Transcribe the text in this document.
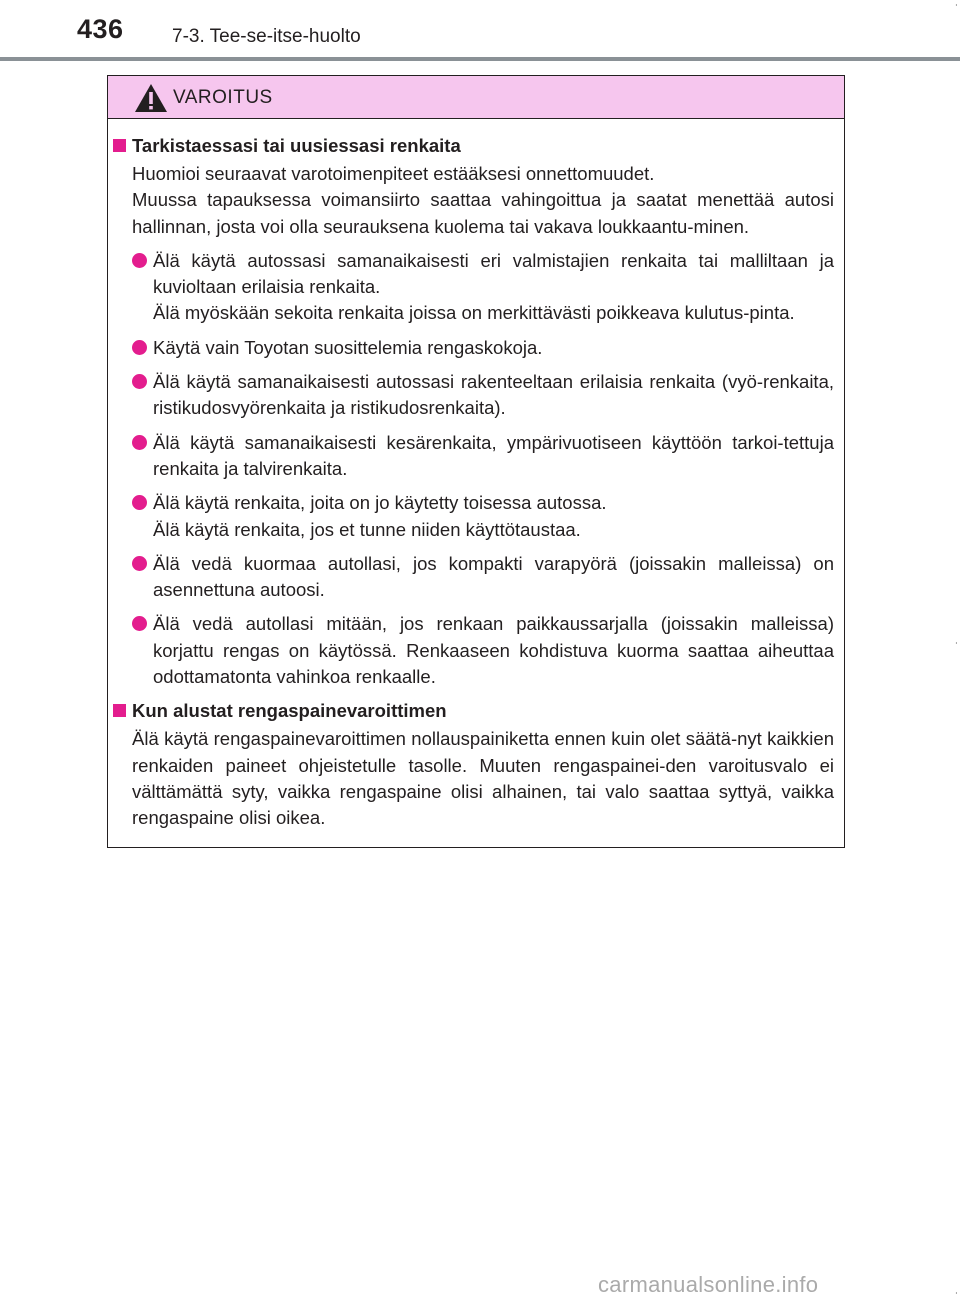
436	7-3. Tee-se-itse-huolto
˙
˙
˙
VAROITUS
Tarkistaessasi tai uusiessasi renkaita
Huomioi seuraavat varotoimenpiteet estääksesi onnettomuudet.
Muussa tapauksessa voimansiirto saattaa vahingoittua ja saatat menettää autosi hallinnan, josta voi olla seurauksena kuolema tai vakava loukkaantu-minen.
Älä käytä autossasi samanaikaisesti eri valmistajien renkaita tai malliltaan ja kuvioltaan erilaisia renkaita.
Älä myöskään sekoita renkaita joissa on merkittävästi poikkeava kulutus-pinta.
Käytä vain Toyotan suosittelemia rengaskokoja.
Älä käytä samanaikaisesti autossasi rakenteeltaan erilaisia renkaita (vyö-renkaita, ristikudosvyörenkaita ja ristikudosrenkaita).
Älä käytä samanaikaisesti kesärenkaita, ympärivuotiseen käyttöön tarkoi-tettuja renkaita ja talvirenkaita.
Älä käytä renkaita, joita on jo käytetty toisessa autossa.
Älä käytä renkaita, jos et tunne niiden käyttötaustaa.
Älä vedä kuormaa autollasi, jos kompakti varapyörä (joissakin malleissa) on asennettuna autoosi.
Älä vedä autollasi mitään, jos renkaan paikkaussarjalla (joissakin malleissa) korjattu rengas on käytössä. Renkaaseen kohdistuva kuorma saattaa aiheuttaa odottamatonta vahinkoa renkaalle.
Kun alustat rengaspainevaroittimen
Älä käytä rengaspainevaroittimen nollauspainiketta ennen kuin olet säätä-nyt kaikkien renkaiden paineet ohjeistetulle tasolle. Muuten rengaspainei-den varoitusvalo ei välttämättä syty, vaikka rengaspaine olisi alhainen, tai valo saattaa syttyä, vaikka rengaspaine olisi oikea.
carmanualsonline.info
